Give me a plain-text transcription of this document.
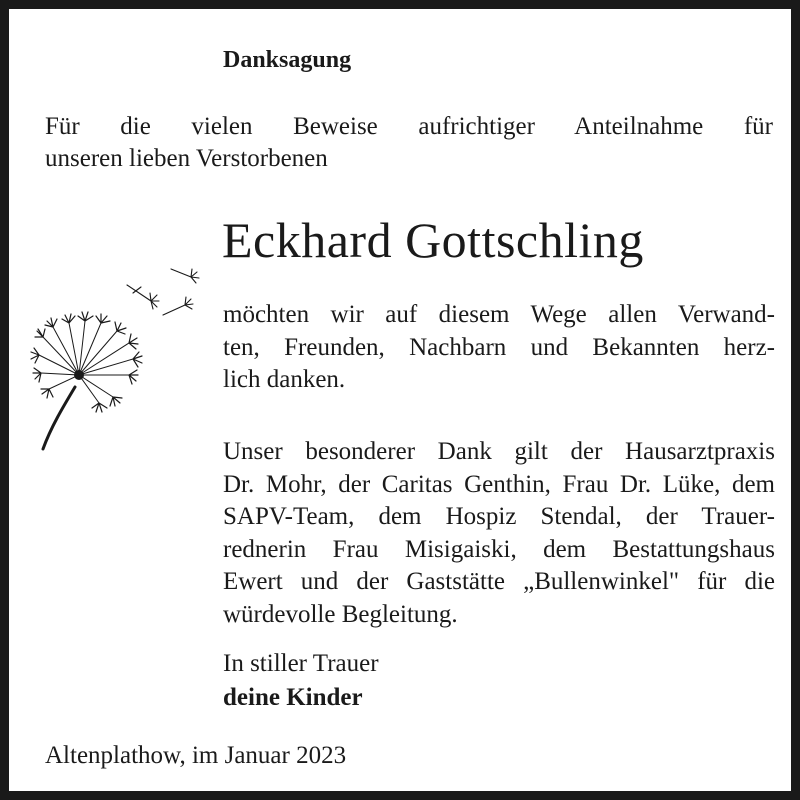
Danksagung
Für die vielen Beweise aufrichtiger Anteilnahme für
unseren lieben Verstorbenen
Eckhard Gottschling
möchten wir auf diesem Wege allen Verwand-
ten, Freunden, Nachbarn und Bekannten herz-
lich danken.
Unser besonderer Dank gilt der Hausarztpraxis
Dr. Mohr, der Caritas Genthin, Frau Dr. Lüke, dem
SAPV-Team, dem Hospiz Stendal, der Trauer-
rednerin Frau Misigaiski, dem Bestattungshaus
Ewert und der Gaststätte „Bullenwinkel" für die
würdevolle Begleitung.
In stiller Trauer
deine Kinder
Altenplathow, im Januar 2023
